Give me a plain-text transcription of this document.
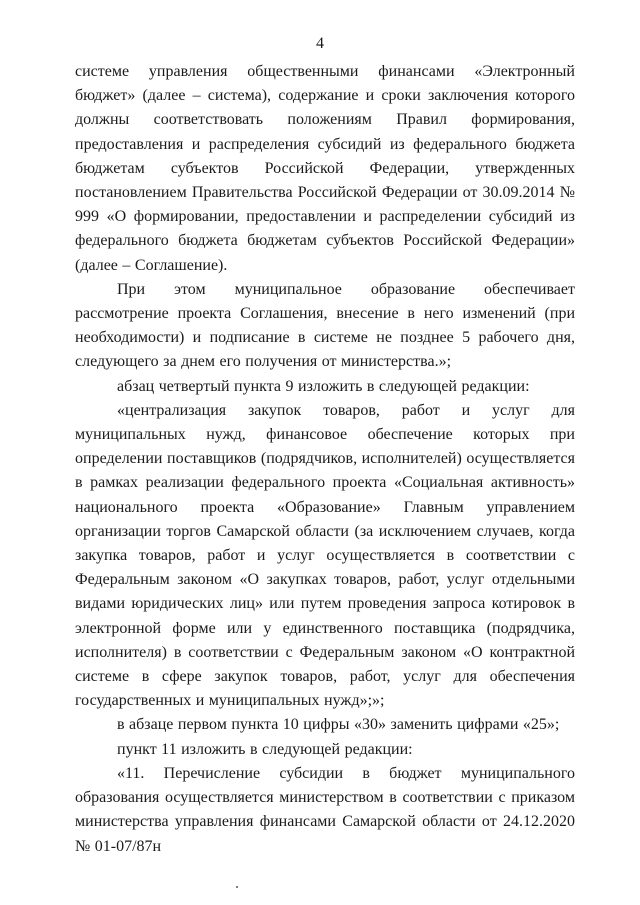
4

системе управления общественными финансами «Электронный бюджет» (далее – система), содержание и сроки заключения которого должны соответствовать положениям Правил формирования, предоставления и распределения субсидий из федерального бюджета бюджетам субъектов Российской Федерации, утвержденных постановлением Правительства Российской Федерации от 30.09.2014 № 999 «О формировании, предоставлении и распределении субсидий из федерального бюджета бюджетам субъектов Российской Федерации» (далее – Соглашение).

При этом муниципальное образование обеспечивает рассмотрение проекта Соглашения, внесение в него изменений (при необходимости) и подписание в системе не позднее 5 рабочего дня, следующего за днем его получения от министерства.»;

абзац четвертый пункта 9 изложить в следующей редакции:

«централизация закупок товаров, работ и услуг для муниципальных нужд, финансовое обеспечение которых при определении поставщиков (подрядчиков, исполнителей) осуществляется в рамках реализации федерального проекта «Социальная активность» национального проекта «Образование» Главным управлением организации торгов Самарской области (за исключением случаев, когда закупка товаров, работ и услуг осуществляется в соответствии с Федеральным законом «О закупках товаров, работ, услуг отдельными видами юридических лиц» или путем проведения запроса котировок в электронной форме или у единственного поставщика (подрядчика, исполнителя) в соответствии с Федеральным законом «О контрактной системе в сфере закупок товаров, работ, услуг для обеспечения государственных и муниципальных нужд»;»;

в абзаце первом пункта 10 цифры «30» заменить цифрами «25»;

пункт 11 изложить в следующей редакции:

«11. Перечисление субсидии в бюджет муниципального образования осуществляется министерством в соответствии с приказом министерства управления финансами Самарской области от 24.12.2020 № 01-07/87н
